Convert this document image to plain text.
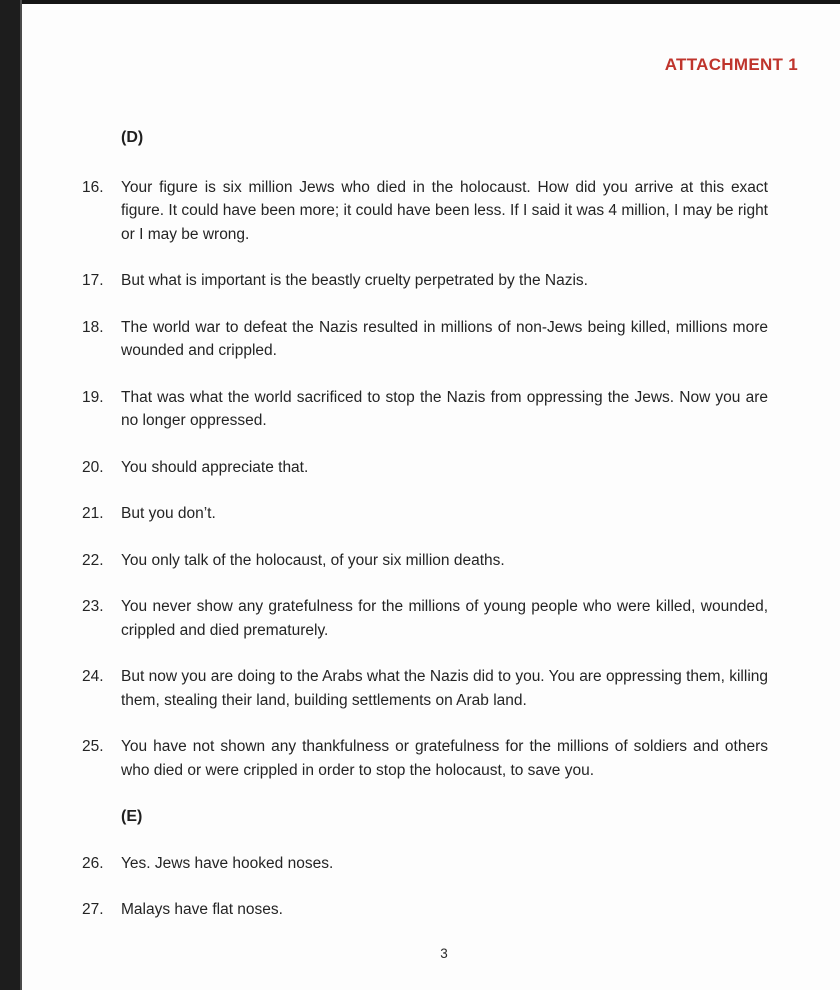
ATTACHMENT 1
(D)
16.	Your figure is six million Jews who died in the holocaust. How did you arrive at this exact figure. It could have been more; it could have been less. If I said it was 4 million, I may be right or I may be wrong.
17.	But what is important is the beastly cruelty perpetrated by the Nazis.
18.	The world war to defeat the Nazis resulted in millions of non-Jews being killed, millions more wounded and crippled.
19.	That was what the world sacrificed to stop the Nazis from oppressing the Jews. Now you are no longer oppressed.
20.	You should appreciate that.
21.	But you don’t.
22.	You only talk of the holocaust, of your six million deaths.
23.	You never show any gratefulness for the millions of young people who were killed, wounded, crippled and died prematurely.
24.	But now you are doing to the Arabs what the Nazis did to you. You are oppressing them, killing them, stealing their land, building settlements on Arab land.
25.	You have not shown any thankfulness or gratefulness for the millions of soldiers and others who died or were crippled in order to stop the holocaust, to save you.
(E)
26.	Yes. Jews have hooked noses.
27.	Malays have flat noses.
3
